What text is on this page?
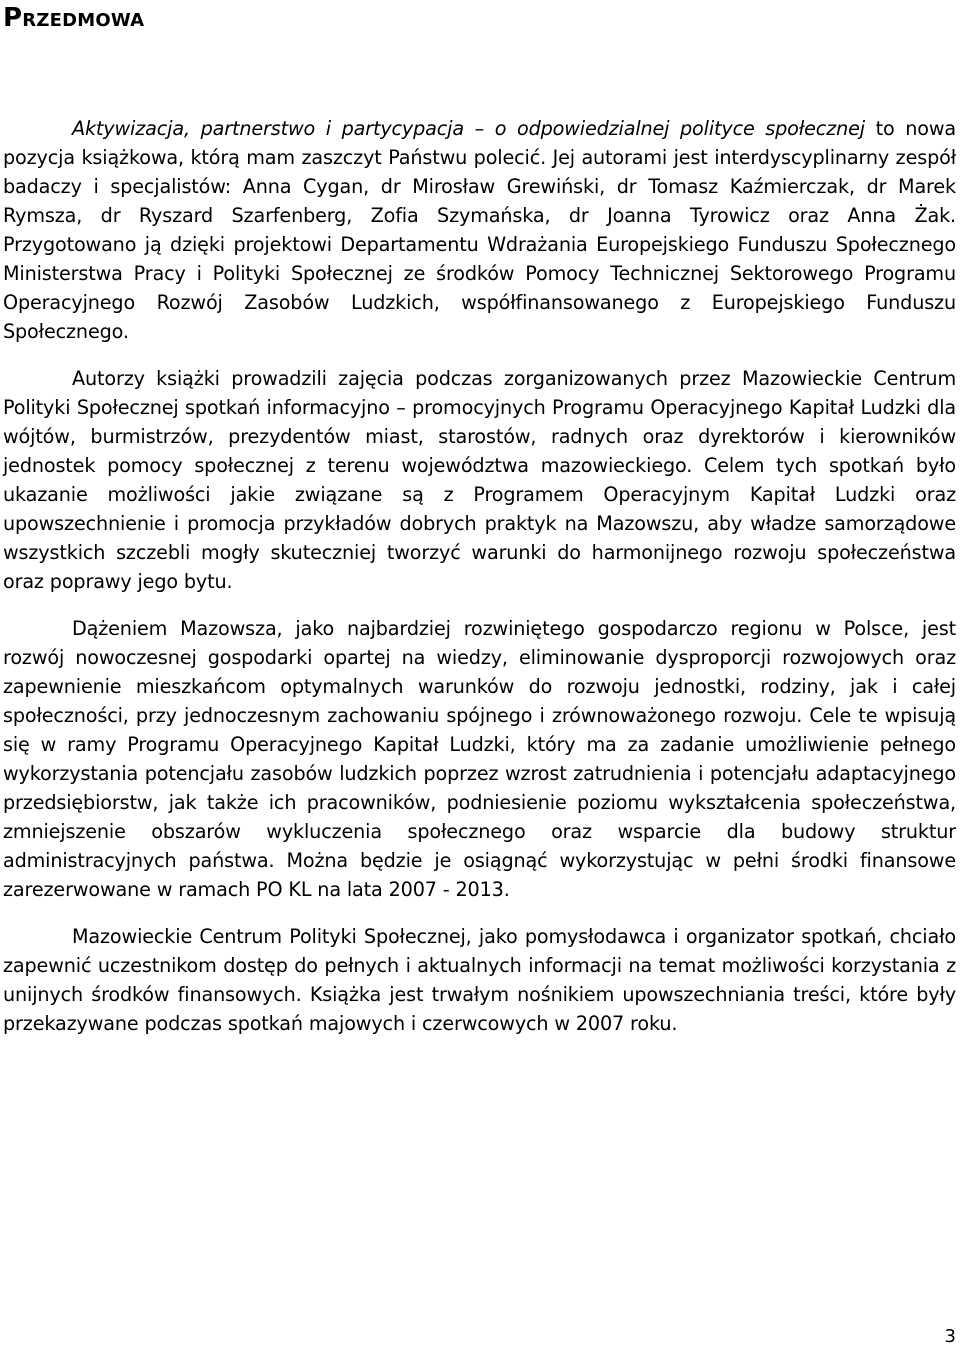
Przedmowa

Aktywizacja, partnerstwo i partycypacja – o odpowiedzialnej polityce społecznej to nowa pozycja książkowa, którą mam zaszczyt Państwu polecić. Jej autorami jest interdyscyplinarny zespół badaczy i specjalistów: Anna Cygan, dr Mirosław Grewiński, dr Tomasz Kaźmierczak, dr Marek Rymsza, dr Ryszard Szarfenberg, Zofia Szymańska, dr Joanna Tyrowicz oraz Anna Żak. Przygotowano ją dzięki projektowi Departamentu Wdrażania Europejskiego Funduszu Społecznego Ministerstwa Pracy i Polityki Społecznej ze środków Pomocy Technicznej Sektorowego Programu Operacyjnego Rozwój Zasobów Ludzkich, współfinansowanego z Europejskiego Funduszu Społecznego.

Autorzy książki prowadzili zajęcia podczas zorganizowanych przez Mazowieckie Centrum Polityki Społecznej spotkań informacyjno – promocyjnych Programu Operacyjnego Kapitał Ludzki dla wójtów, burmistrzów, prezydentów miast, starostów, radnych oraz dyrektorów i kierowników jednostek pomocy społecznej z terenu województwa mazowieckiego. Celem tych spotkań było ukazanie możliwości jakie związane są z Programem Operacyjnym Kapitał Ludzki oraz upowszechnienie i promocja przykładów dobrych praktyk na Mazowszu, aby władze samorządowe wszystkich szczebli mogły skuteczniej tworzyć warunki do harmonijnego rozwoju społeczeństwa oraz poprawy jego bytu.

Dążeniem Mazowsza, jako najbardziej rozwiniętego gospodarczo regionu w Polsce, jest rozwój nowoczesnej gospodarki opartej na wiedzy, eliminowanie dysproporcji rozwojowych oraz zapewnienie mieszkańcom optymalnych warunków do rozwoju jednostki, rodziny, jak i całej społeczności, przy jednoczesnym zachowaniu spójnego i zrównoważonego rozwoju. Cele te wpisują się w ramy Programu Operacyjnego Kapitał Ludzki, który ma za zadanie umożliwienie pełnego wykorzystania potencjału zasobów ludzkich poprzez wzrost zatrudnienia i potencjału adaptacyjnego przedsiębiorstw, jak także ich pracowników, podniesienie poziomu wykształcenia społeczeństwa, zmniejszenie obszarów wykluczenia społecznego oraz wsparcie dla budowy struktur administracyjnych państwa. Można będzie je osiągnąć wykorzystując w pełni środki finansowe zarezerwowane w ramach PO KL na lata 2007 - 2013.

Mazowieckie Centrum Polityki Społecznej, jako pomysłodawca i organizator spotkań, chciało zapewnić uczestnikom dostęp do pełnych i aktualnych informacji na temat możliwości korzystania z unijnych środków finansowych. Książka jest trwałym nośnikiem upowszechniania treści, które były przekazywane podczas spotkań majowych i czerwcowych w 2007 roku.

3
